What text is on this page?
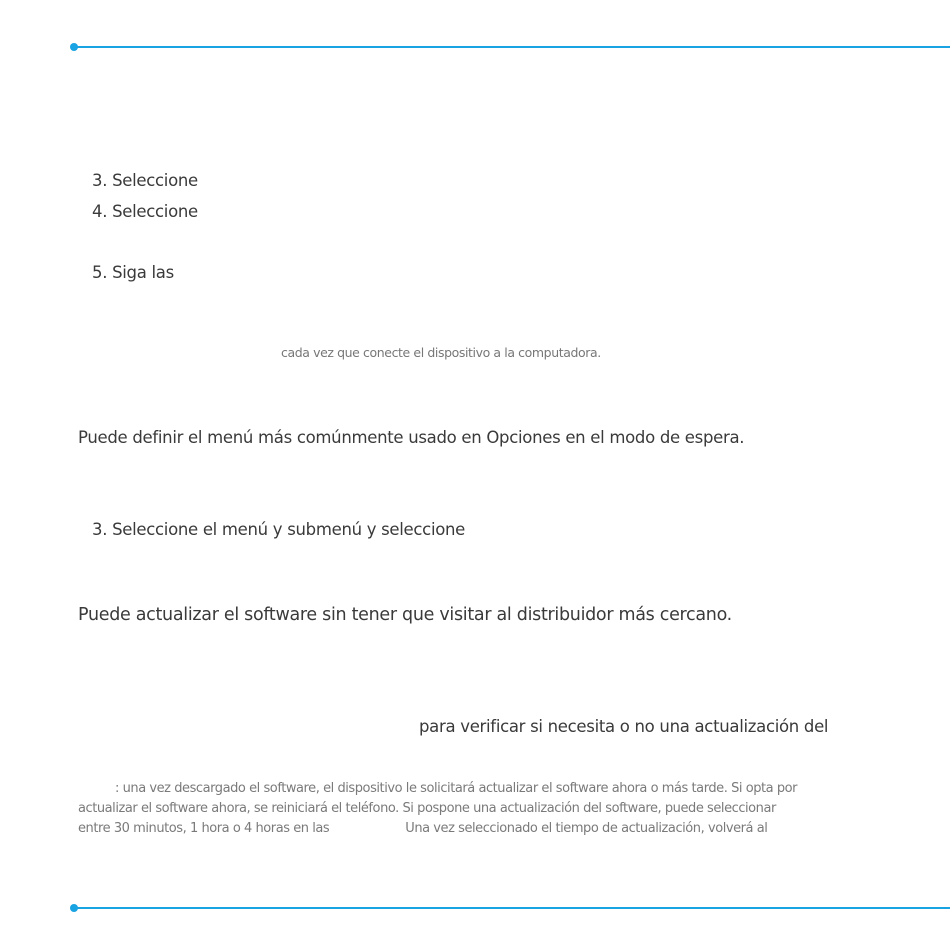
3. Seleccione

4. Seleccione

5. Siga las

cada vez que conecte el dispositivo a la computadora.

Puede definir el menú más comúnmente usado en Opciones en el modo de espera.

3. Seleccione el menú y submenú y seleccione

Puede actualizar el software sin tener que visitar al distribuidor más cercano.

para verificar si necesita o no una actualización del

: una vez descargado el software, el dispositivo le solicitará actualizar el software ahora o más tarde. Si opta por
actualizar el software ahora, se reiniciará el teléfono. Si pospone una actualización del software, puede seleccionar
entre 30 minutos, 1 hora o 4 horas en las	Una vez seleccionado el tiempo de actualización, volverá al
